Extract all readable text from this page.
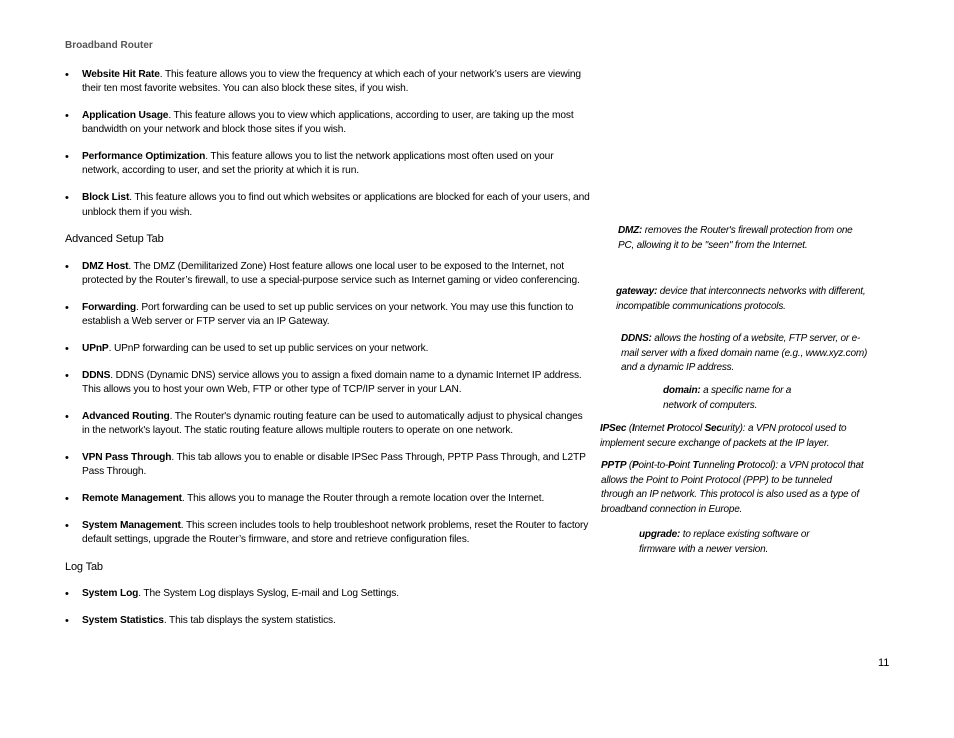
Broadband Router
• Website Hit Rate. This feature allows you to view the frequency at which each of your network’s users are viewing their ten most favorite websites. You can also block these sites, if you wish.
• Application Usage. This feature allows you to view which applications, according to user, are taking up the most bandwidth on your network and block those sites if you wish.
• Performance Optimization. This feature allows you to list the network applications most often used on your network, according to user, and set the priority at which it is run.
• Block List. This feature allows you to find out which websites or applications are blocked for each of your users, and unblock them if you wish.
Advanced Setup Tab
• DMZ Host. The DMZ (Demilitarized Zone) Host feature allows one local user to be exposed to the Internet, not protected by the Router’s firewall, to use a special-purpose service such as Internet gaming or video conferencing.
• Forwarding. Port forwarding can be used to set up public services on your network. You may use this function to establish a Web server or FTP server via an IP Gateway.
• UPnP. UPnP forwarding can be used to set up public services on your network.
• DDNS. DDNS (Dynamic DNS) service allows you to assign a fixed domain name to a dynamic Internet IP address. This allows you to host your own Web, FTP or other type of TCP/IP server in your LAN.
• Advanced Routing. The Router's dynamic routing feature can be used to automatically adjust to physical changes in the network's layout. The static routing feature allows multiple routers to operate on one network.
• VPN Pass Through. This tab allows you to enable or disable IPSec Pass Through, PPTP Pass Through, and L2TP Pass Through.
• Remote Management. This allows you to manage the Router through a remote location over the Internet.
• System Management. This screen includes tools to help troubleshoot network problems, reset the Router to factory default settings, upgrade the Router’s firmware, and store and retrieve configuration files.
Log Tab
• System Log. The System Log displays Syslog, E-mail and Log Settings.
• System Statistics. This tab displays the system statistics.
DMZ: removes the Router's firewall protection from one PC, allowing it to be "seen" from the Internet.
gateway: device that interconnects networks with different, incompatible communications protocols.
DDNS: allows the hosting of a website, FTP server, or e-mail server with a fixed domain name (e.g., www.xyz.com) and a dynamic IP address.
domain: a specific name for a network of computers.
IPSec (Internet Protocol Security): a VPN protocol used to implement secure exchange of packets at the IP layer.
PPTP (Point-to-Point Tunneling Protocol): a VPN protocol that allows the Point to Point Protocol (PPP) to be tunneled through an IP network. This protocol is also used as a type of broadband connection in Europe.
upgrade: to replace existing software or firmware with a newer version.
11
